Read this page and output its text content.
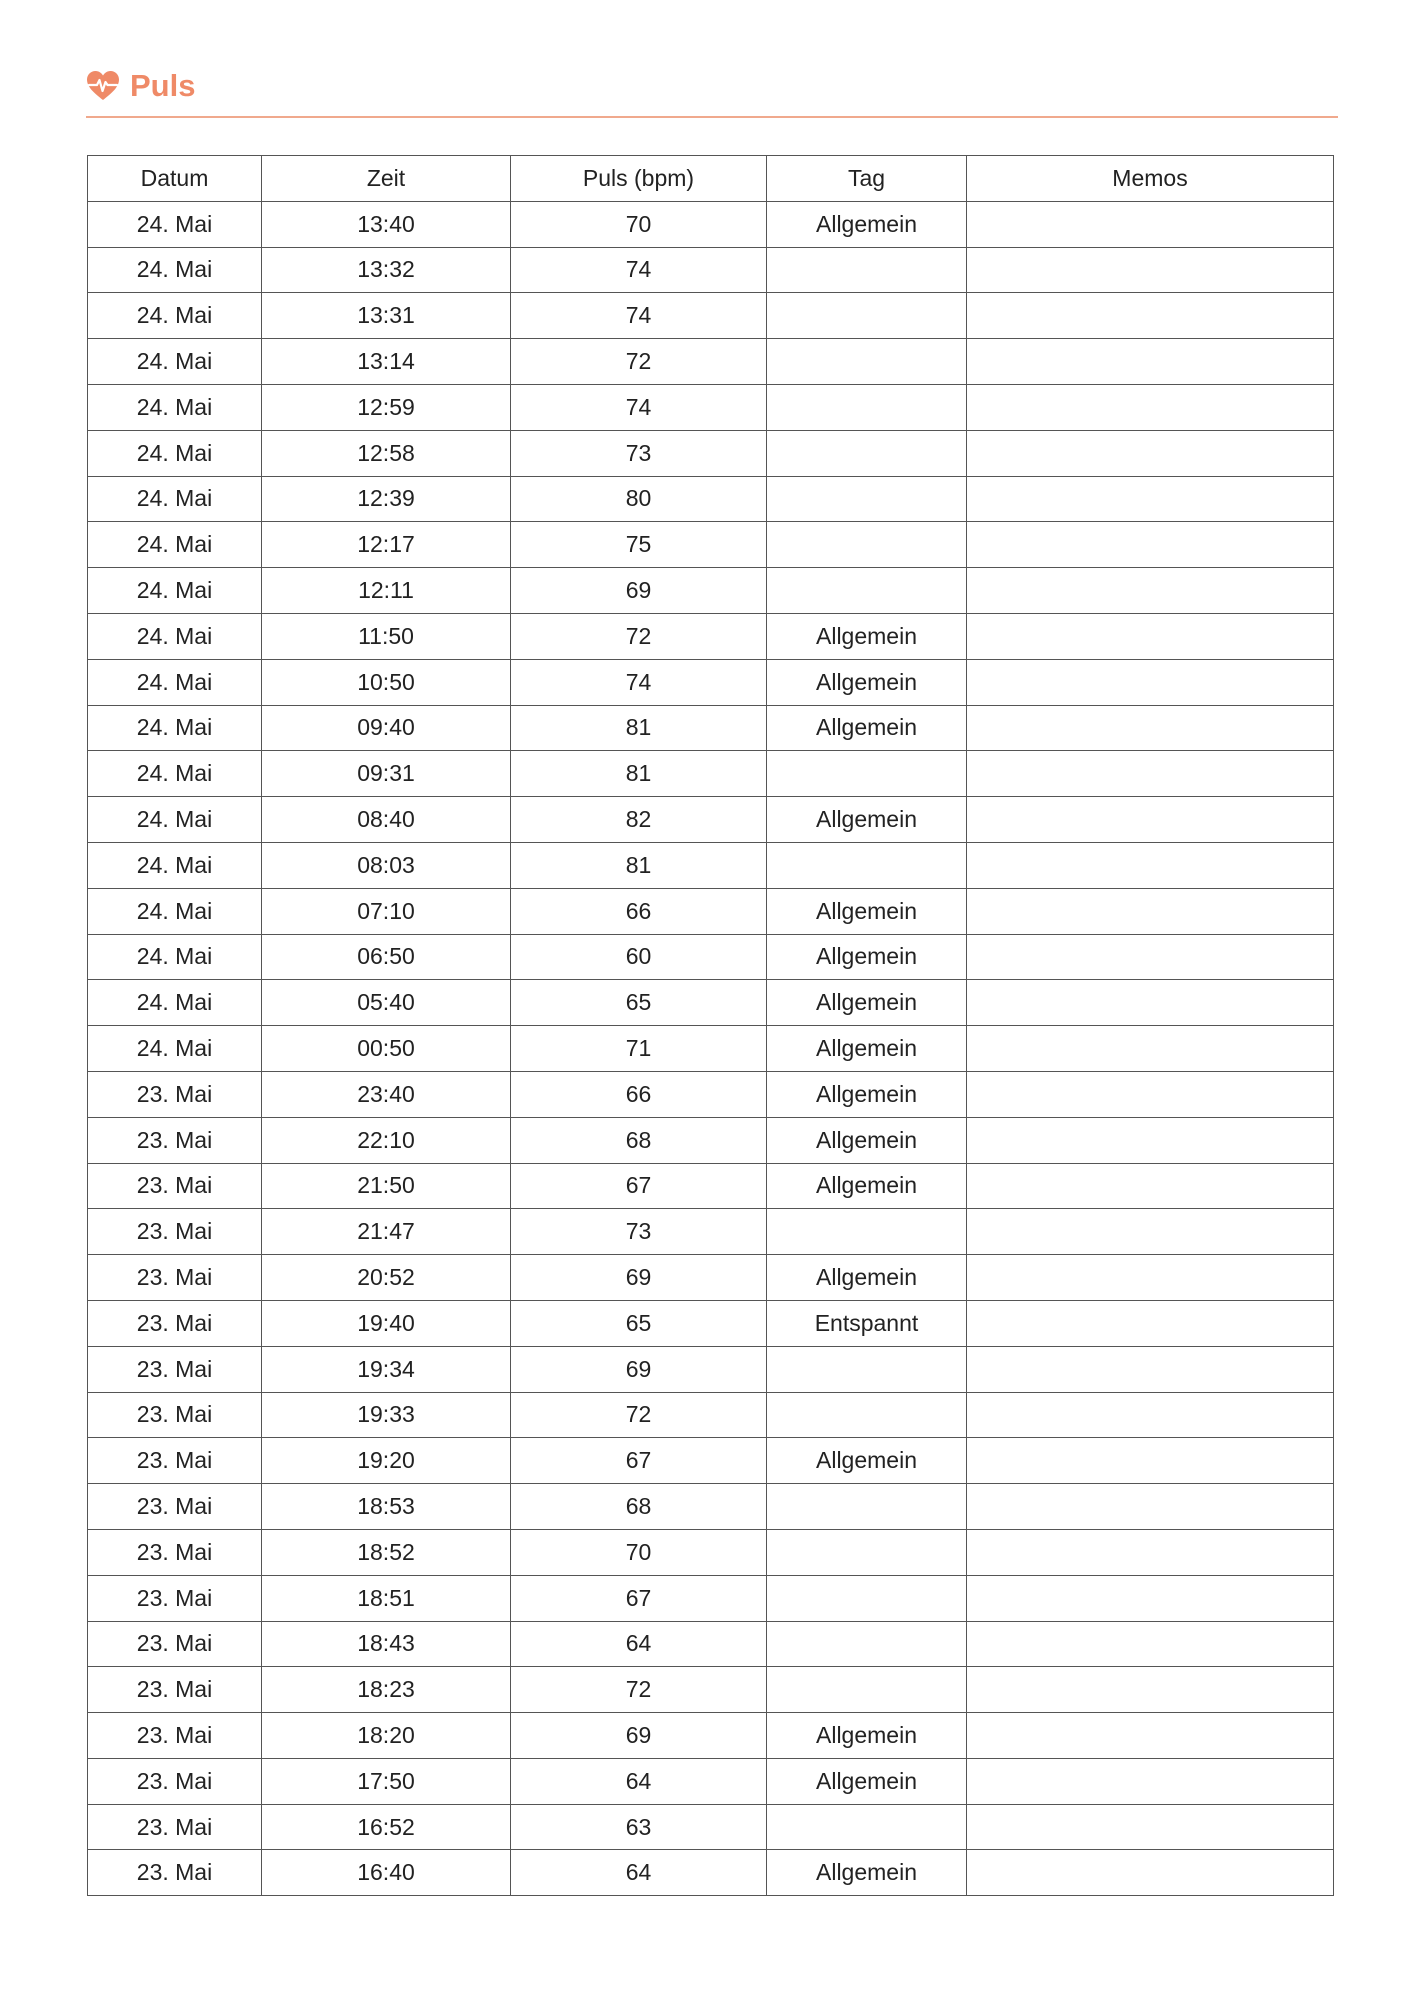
Puls
Datum	Zeit	Puls (bpm)	Tag	Memos
24. Mai	13:40	70	Allgemein	
24. Mai	13:32	74		
24. Mai	13:31	74		
24. Mai	13:14	72		
24. Mai	12:59	74		
24. Mai	12:58	73		
24. Mai	12:39	80		
24. Mai	12:17	75		
24. Mai	12:11	69		
24. Mai	11:50	72	Allgemein	
24. Mai	10:50	74	Allgemein	
24. Mai	09:40	81	Allgemein	
24. Mai	09:31	81		
24. Mai	08:40	82	Allgemein	
24. Mai	08:03	81		
24. Mai	07:10	66	Allgemein	
24. Mai	06:50	60	Allgemein	
24. Mai	05:40	65	Allgemein	
24. Mai	00:50	71	Allgemein	
23. Mai	23:40	66	Allgemein	
23. Mai	22:10	68	Allgemein	
23. Mai	21:50	67	Allgemein	
23. Mai	21:47	73		
23. Mai	20:52	69	Allgemein	
23. Mai	19:40	65	Entspannt	
23. Mai	19:34	69		
23. Mai	19:33	72		
23. Mai	19:20	67	Allgemein	
23. Mai	18:53	68		
23. Mai	18:52	70		
23. Mai	18:51	67		
23. Mai	18:43	64		
23. Mai	18:23	72		
23. Mai	18:20	69	Allgemein	
23. Mai	17:50	64	Allgemein	
23. Mai	16:52	63		
23. Mai	16:40	64	Allgemein	
